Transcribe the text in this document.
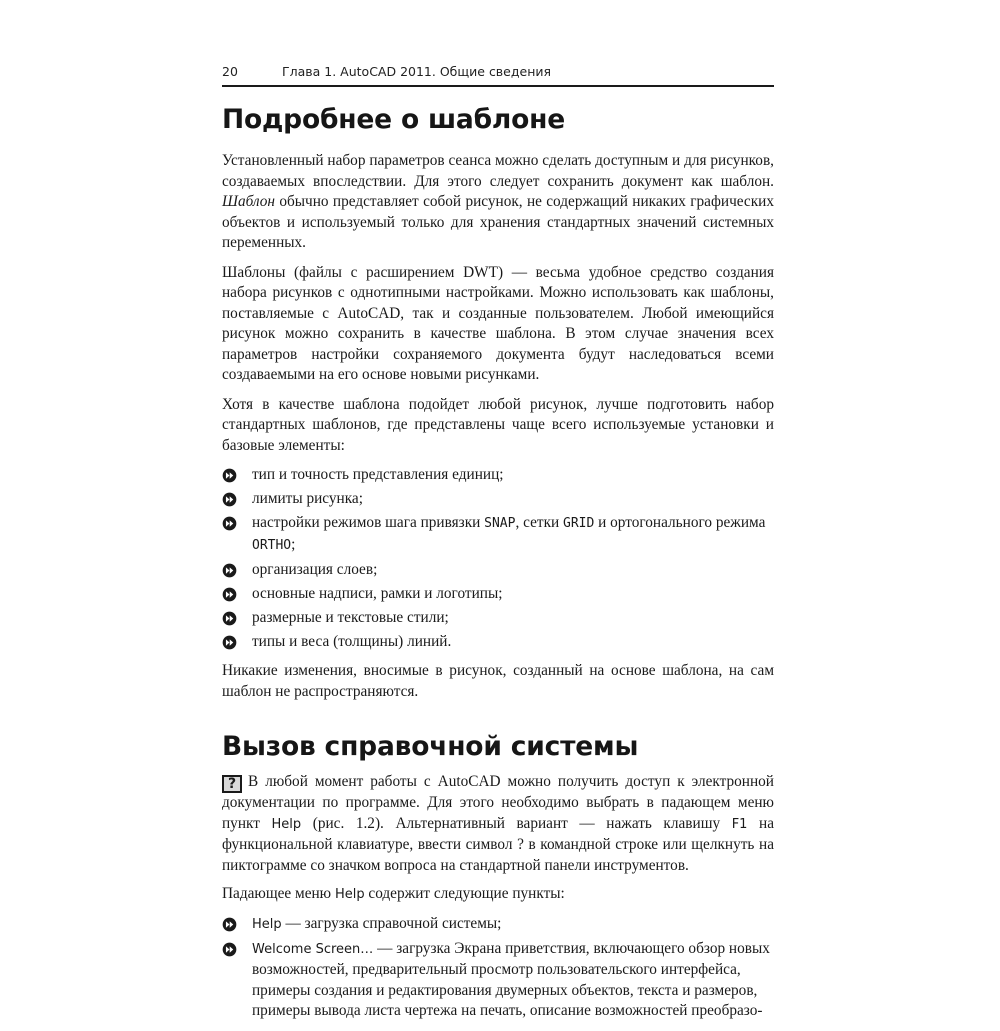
20	Глава 1. AutoCAD 2011. Общие сведения
Подробнее о шаблоне

Установленный набор параметров сеанса можно сделать доступным и для рисунков, создаваемых впоследствии. Для этого следует сохранить документ как шаблон. Шаблон обычно представляет собой рисунок, не содержащий никаких графических объектов и используемый только для хранения стандартных значений системных переменных.

Шаблоны (файлы с расширением DWT) — весьма удобное средство создания набора рисунков с однотипными настройками. Можно использовать как шаблоны, поставляемые с AutoCAD, так и созданные пользователем. Любой имеющийся рисунок можно сохранить в качестве шаблона. В этом случае значения всех параметров настройки сохраняемого документа будут наследоваться всеми создаваемыми на его основе новыми рисунками.

Хотя в качестве шаблона подойдет любой рисунок, лучше подготовить набор стандартных шаблонов, где представлены чаще всего используемые установки и базовые элементы:

тип и точность представления единиц;
лимиты рисунка;
настройки режимов шага привязки SNAP, сетки GRID и ортогонального режима ORTHO;
организация слоев;
основные надписи, рамки и логотипы;
размерные и текстовые стили;
типы и веса (толщины) линий.

Никакие изменения, вносимые в рисунок, созданный на основе шаблона, на сам шаблон не распространяются.

Вызов справочной системы

? В любой момент работы с AutoCAD можно получить доступ к электронной документации по программе. Для этого необходимо выбрать в падающем меню пункт Help (рис. 1.2). Альтернативный вариант — нажать клавишу F1 на функциональной клавиатуре, ввести символ ? в командной строке или щелкнуть на пиктограмме со значком вопроса на стандартной панели инструментов.

Падающее меню Help содержит следующие пункты:

Help — загрузка справочной системы;
Welcome Screen… — загрузка Экрана приветствия, включающего обзор новых возможностей, предварительный просмотр пользовательского интерфейса, примеры создания и редактирования двумерных объектов, текста и размеров, примеры вывода листа чертежа на печать, описание возможностей преобразо-
